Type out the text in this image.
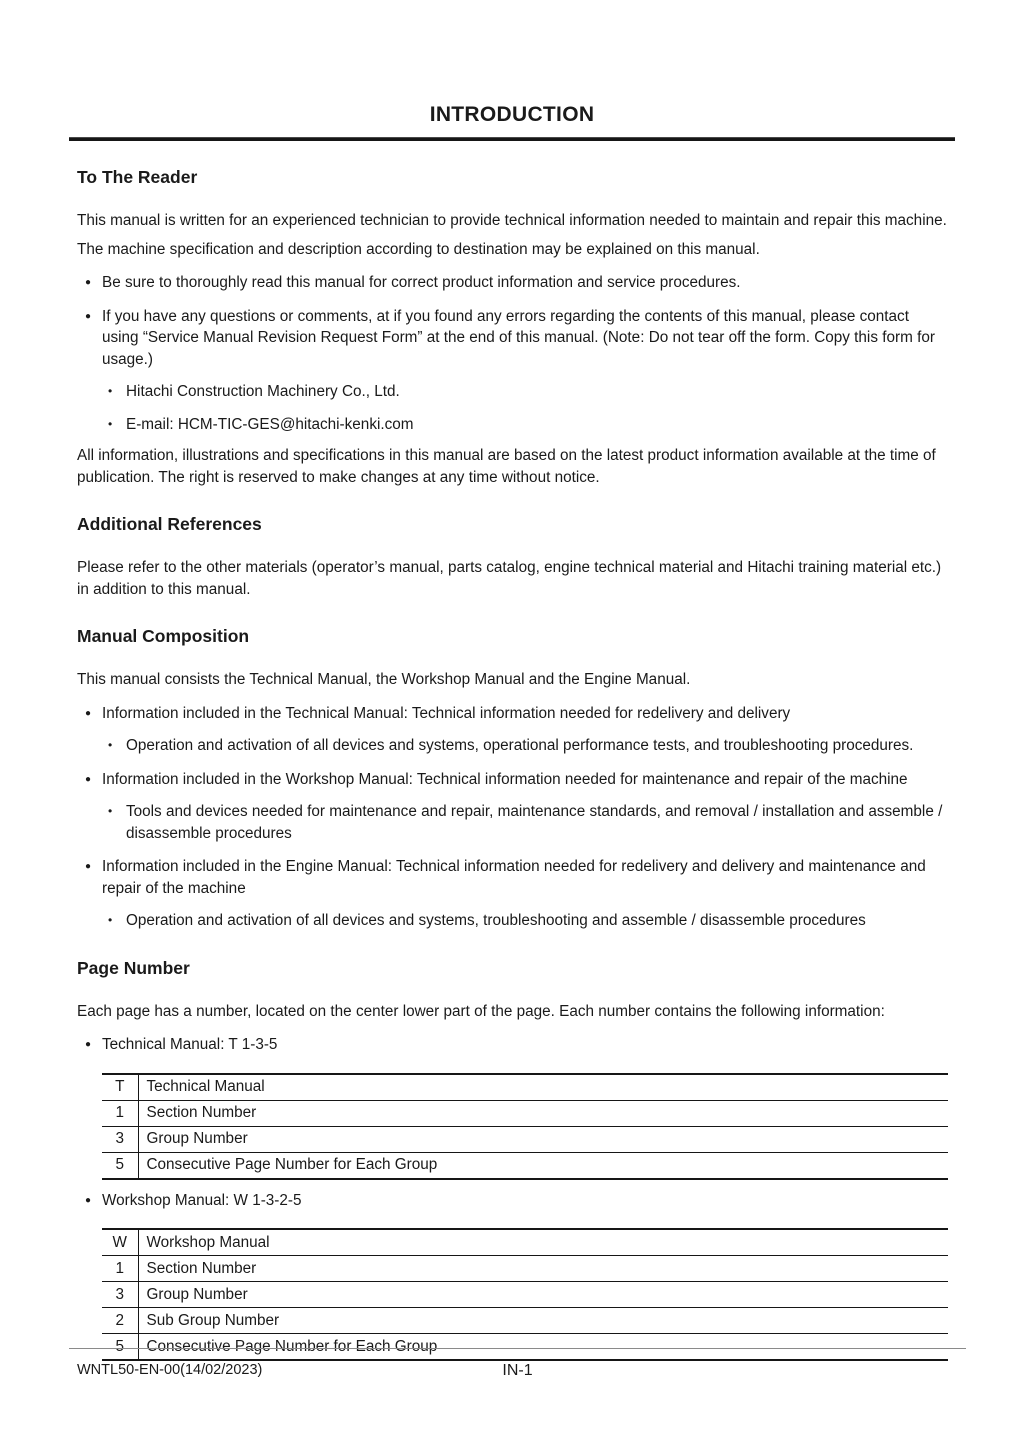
INTRODUCTION
To The Reader

This manual is written for an experienced technician to provide technical information needed to maintain and repair this machine.

The machine specification and description according to destination may be explained on this manual.

● Be sure to thoroughly read this manual for correct product information and service procedures.
● If you have any questions or comments, at if you found any errors regarding the contents of this manual, please contact using “Service Manual Revision Request Form” at the end of this manual. (Note: Do not tear off the form. Copy this form for usage.)
• Hitachi Construction Machinery Co., Ltd.
• E-mail: HCM-TIC-GES@hitachi-kenki.com

All information, illustrations and specifications in this manual are based on the latest product information available at the time of publication. The right is reserved to make changes at any time without notice.

Additional References

Please refer to the other materials (operator’s manual, parts catalog, engine technical material and Hitachi training material etc.) in addition to this manual.

Manual Composition

This manual consists the Technical Manual, the Workshop Manual and the Engine Manual.

● Information included in the Technical Manual: Technical information needed for redelivery and delivery
• Operation and activation of all devices and systems, operational performance tests, and troubleshooting procedures.
● Information included in the Workshop Manual: Technical information needed for maintenance and repair of the machine
• Tools and devices needed for maintenance and repair, maintenance standards, and removal / installation and assemble / disassemble procedures
● Information included in the Engine Manual: Technical information needed for redelivery and delivery and maintenance and repair of the machine
• Operation and activation of all devices and systems, troubleshooting and assemble / disassemble procedures
Page Number

Each page has a number, located on the center lower part of the page. Each number contains the following information:

● Technical Manual: T 1-3-5
T	Technical Manual
1	Section Number
3	Group Number
5	Consecutive Page Number for Each Group
● Workshop Manual: W 1-3-2-5
W	Workshop Manual
1	Section Number
3	Group Number
2	Sub Group Number
5	Consecutive Page Number for Each Group
WNTL50-EN-00(14/02/2023)	IN-1
